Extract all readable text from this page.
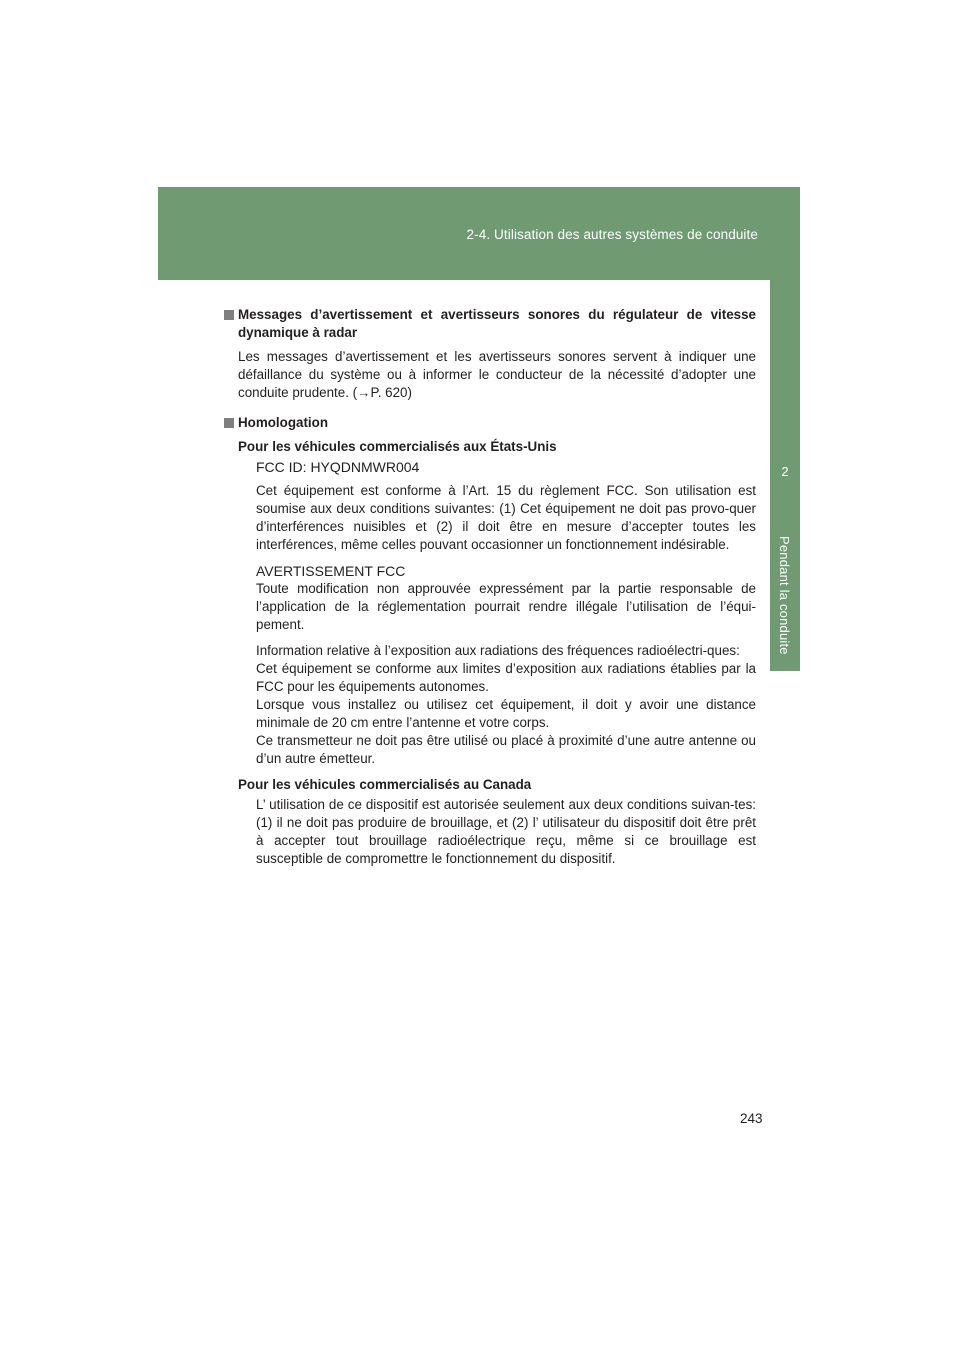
2-4. Utilisation des autres systèmes de conduite
2
Pendant la conduite
Messages d’avertissement et avertisseurs sonores du régulateur de vitesse dynamique à radar
Les messages d’avertissement et les avertisseurs sonores servent à indiquer une défaillance du système ou à informer le conducteur de la nécessité d’adopter une conduite prudente. (→P. 620)
Homologation
Pour les véhicules commercialisés aux États-Unis
FCC ID: HYQDNMWR004
Cet équipement est conforme à l’Art. 15 du règlement FCC. Son utilisation est soumise aux deux conditions suivantes: (1) Cet équipement ne doit pas provo-quer d’interférences nuisibles et (2) il doit être en mesure d’accepter toutes les interférences, même celles pouvant occasionner un fonctionnement indésirable.
AVERTISSEMENT FCC
Toute modification non approuvée expressément par la partie responsable de l’application de la réglementation pourrait rendre illégale l’utilisation de l’équi-pement.
Information relative à l’exposition aux radiations des fréquences radioélectri-ques:
Cet équipement se conforme aux limites d’exposition aux radiations établies par la FCC pour les équipements autonomes.
Lorsque vous installez ou utilisez cet équipement, il doit y avoir une distance minimale de 20 cm entre l’antenne et votre corps.
Ce transmetteur ne doit pas être utilisé ou placé à proximité d’une autre antenne ou d’un autre émetteur.
Pour les véhicules commercialisés au Canada
L’ utilisation de ce dispositif est autorisée seulement aux deux conditions suivan-tes: (1) il ne doit pas produire de brouillage, et (2) l’ utilisateur du dispositif doit être prêt à accepter tout brouillage radioélectrique reçu, même si ce brouillage est susceptible de compromettre le fonctionnement du dispositif.
243
